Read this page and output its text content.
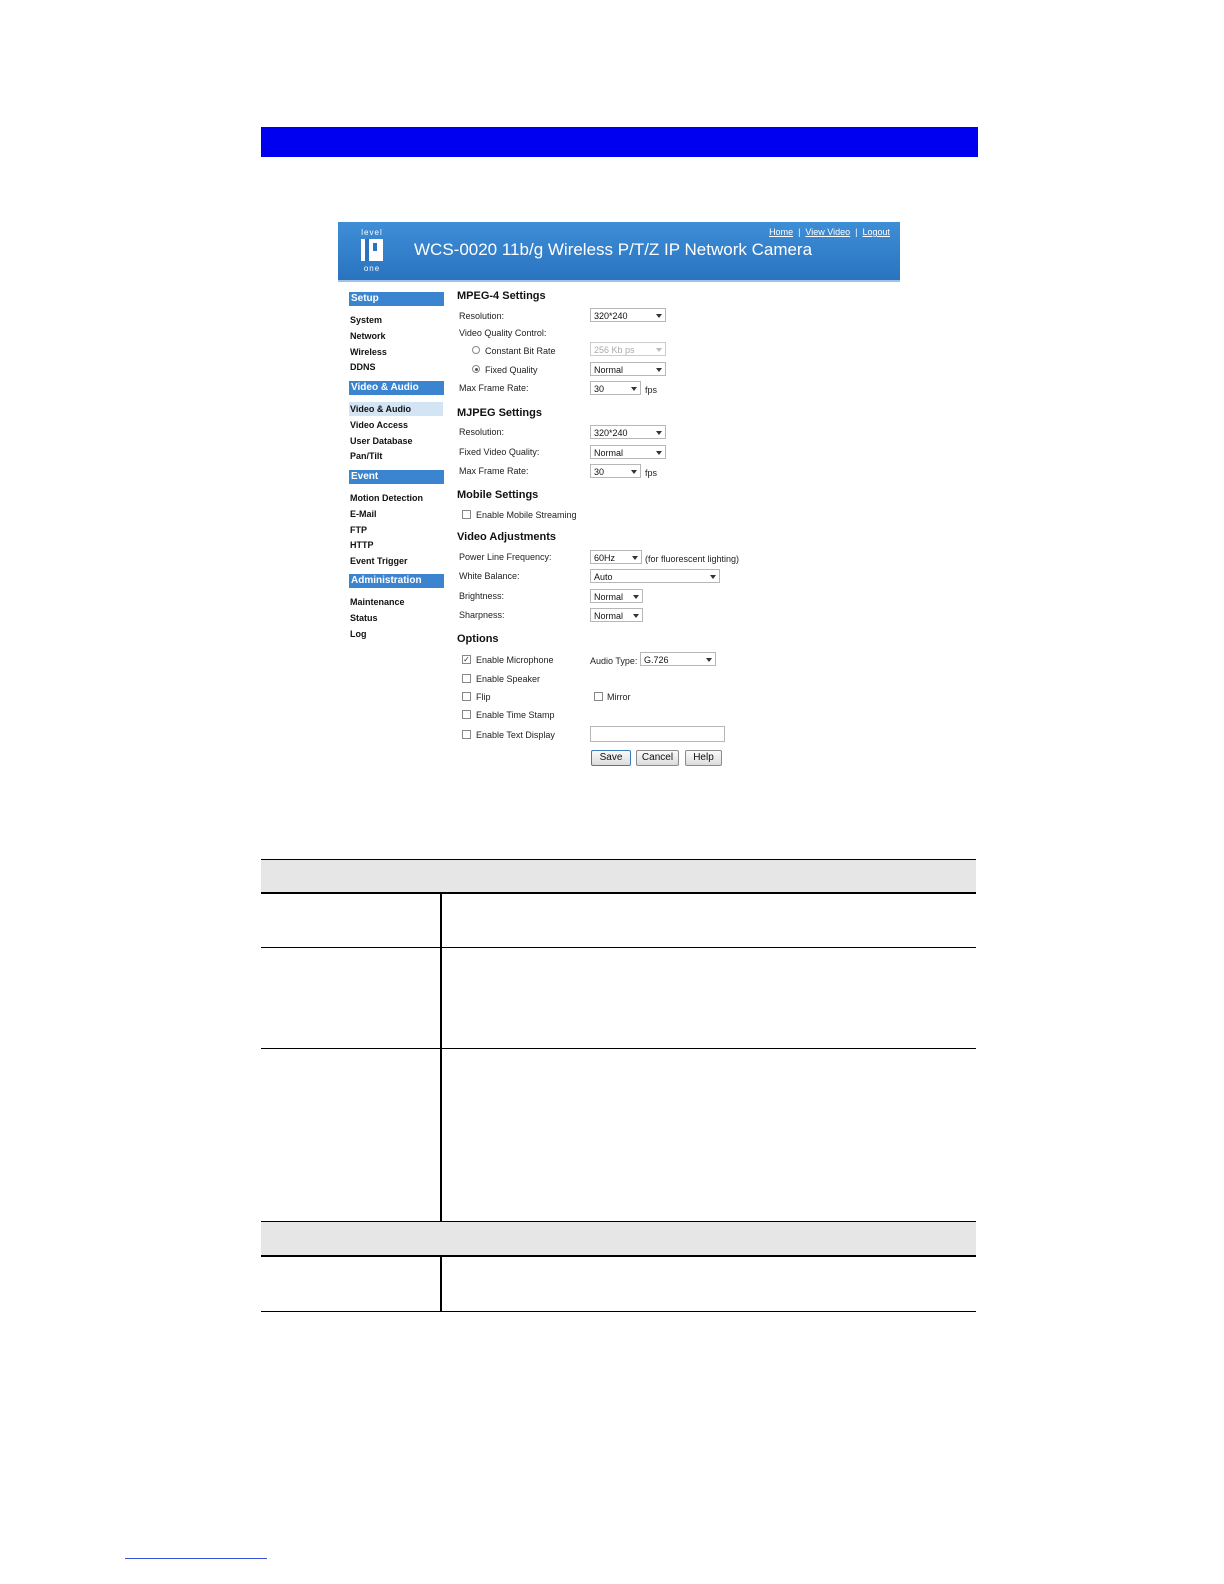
level
one
WCS-0020 11b/g Wireless P/T/Z IP Network Camera
Home | View Video | Logout
Setup
System
Network
Wireless
DDNS
Video & Audio
Video & Audio
Video Access
User Database
Pan/Tilt
Event
Motion Detection
E-Mail
FTP
HTTP
Event Trigger
Administration
Maintenance
Status
Log
MPEG-4 Settings
Resolution:	320*240
Video Quality Control:
Constant Bit Rate	256 Kb ps
Fixed Quality	Normal
Max Frame Rate:	30	fps
MJPEG Settings
Resolution:	320*240
Fixed Video Quality:	Normal
Max Frame Rate:	30	fps
Mobile Settings
Enable Mobile Streaming
Video Adjustments
Power Line Frequency:	60Hz	(for fluorescent lighting)
White Balance:	Auto
Brightness:	Normal
Sharpness:	Normal
Options
✓ Enable Microphone	Audio Type: G.726
Enable Speaker
Flip	Mirror
Enable Time Stamp
Enable Text Display
Save	Cancel	Help
